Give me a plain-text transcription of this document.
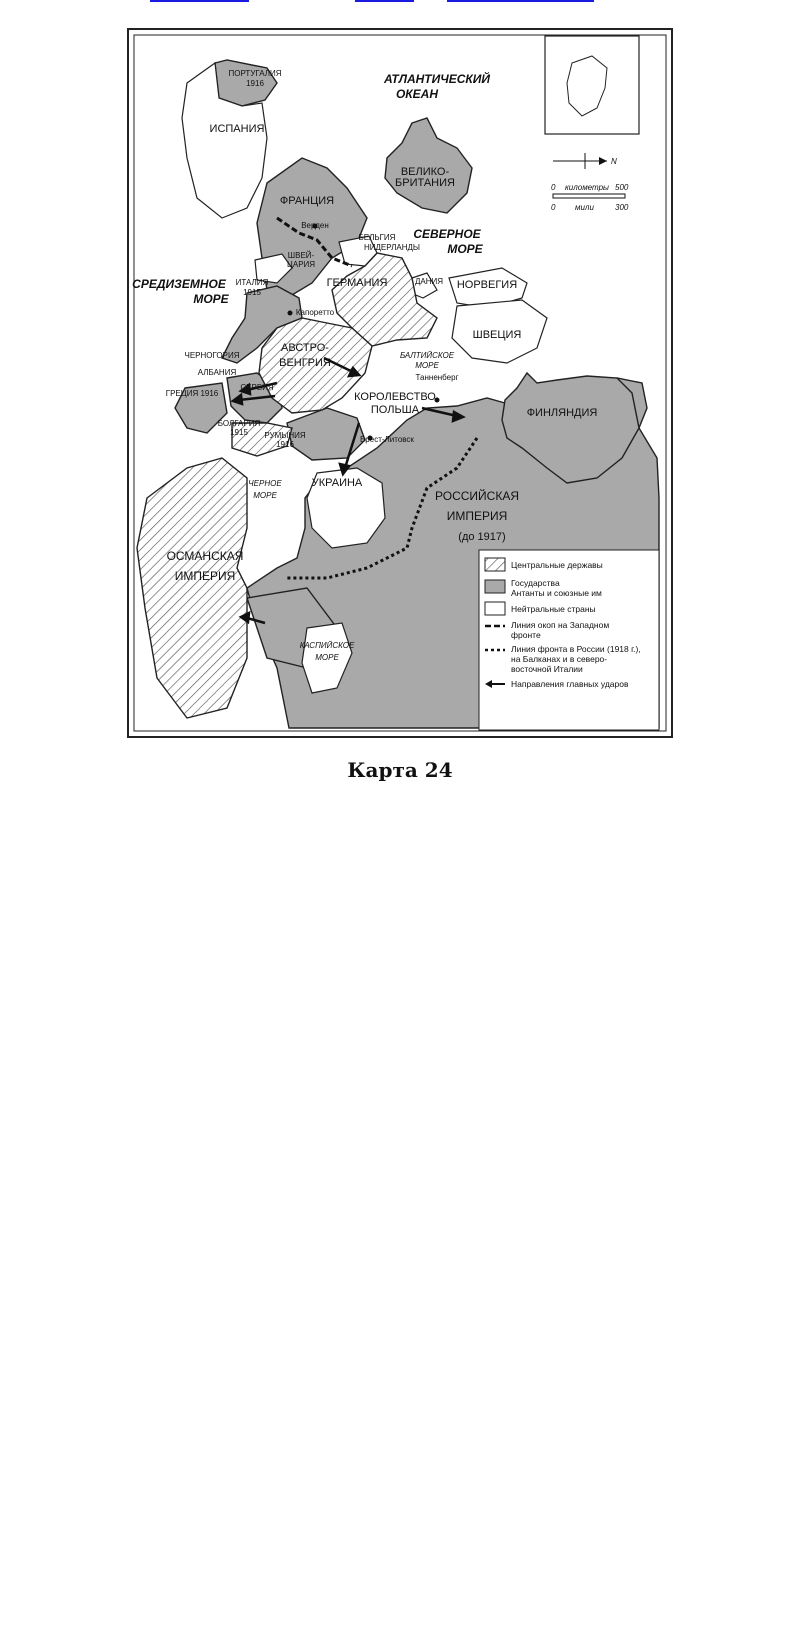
АТЛАНТИЧЕСКИЙ
ОКЕАН
СЕВЕРНОЕ
МОРЕ
СРЕДИЗЕМНОЕ
МОРЕ
ЧЕРНОЕ
МОРЕ
БАЛТИЙСКОЕ
МОРЕ
КАСПИЙСКОЕ
МОРЕ
ПОРТУГАЛИЯ
1916
ИСПАНИЯ
ВЕЛИКО-
БРИТАНИЯ
ФРАНЦИЯ
Верден
БЕЛЬГИЯ
НИДЕРЛАНДЫ
ШВЕЙ-
ЦАРИЯ
ГЕРМАНИЯ	ДАНИЯ НОРВЕГИЯ
ШВЕЦИЯ
ФИНЛЯНДИЯ
ИТАЛИЯ
1915
Капоретто
АВСТРО-
ВЕНГРИЯ
ЧЕРНОГОРИЯ
АЛБАНИЯ
СЕРБИЯ
ГРЕЦИЯ 1916
БОЛГАРИЯ
1915 РУМЫНИЯ
1916
Танненберг
КОРОЛЕВСТВО
ПОЛЬША
Брест-Литовск
УКРАИНА
РОССИЙСКАЯ
ИМПЕРИЯ
(до 1917)
ОСМАНСКАЯ
ИМПЕРИЯ
N
0 километры 500
0 мили	300
Центральные державы
Государства
Антанты и союзные им
Нейтральные страны
Линия окоп на Западном
фронте
Линия фронта в России (1918 г.),
на Балканах и в северо-
восточной Италии
Направления главных ударов
Карта 24
